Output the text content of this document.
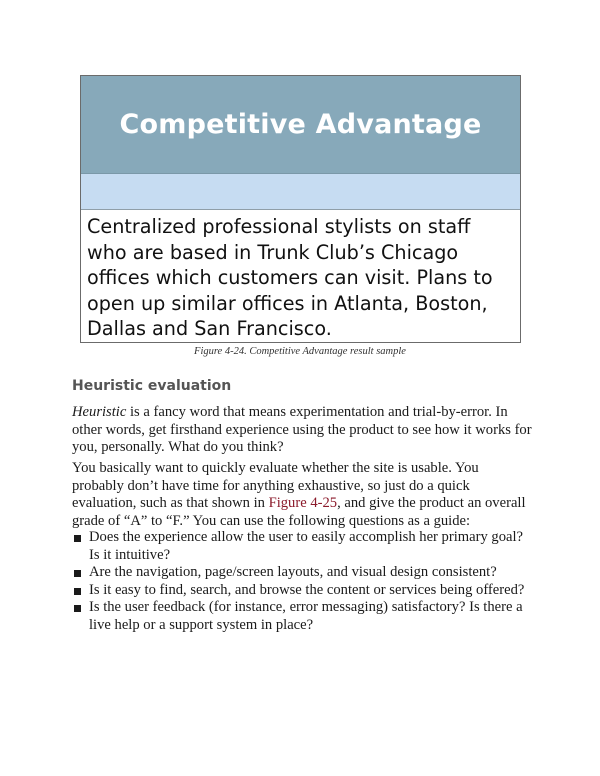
Competitive Advantage
Centralized professional stylists on staff
who are based in Trunk Club’s Chicago
offices which customers can visit. Plans to
open up similar offices in Atlanta, Boston,
Dallas and San Francisco.
Figure 4-24. Competitive Advantage result sample
Heuristic evaluation
Heuristic is a fancy word that means experimentation and trial-by-error. In other words, get firsthand experience using the product to see how it works for you, personally. What do you think?
You basically want to quickly evaluate whether the site is usable. You probably don’t have time for anything exhaustive, so just do a quick evaluation, such as that shown in Figure 4-25, and give the product an overall grade of “A” to “F.” You can use the following questions as a guide:
Does the experience allow the user to easily accomplish her primary goal? Is it intuitive?
Are the navigation, page/screen layouts, and visual design consistent?
Is it easy to find, search, and browse the content or services being offered?
Is the user feedback (for instance, error messaging) satisfactory? Is there a live help or a support system in place?
